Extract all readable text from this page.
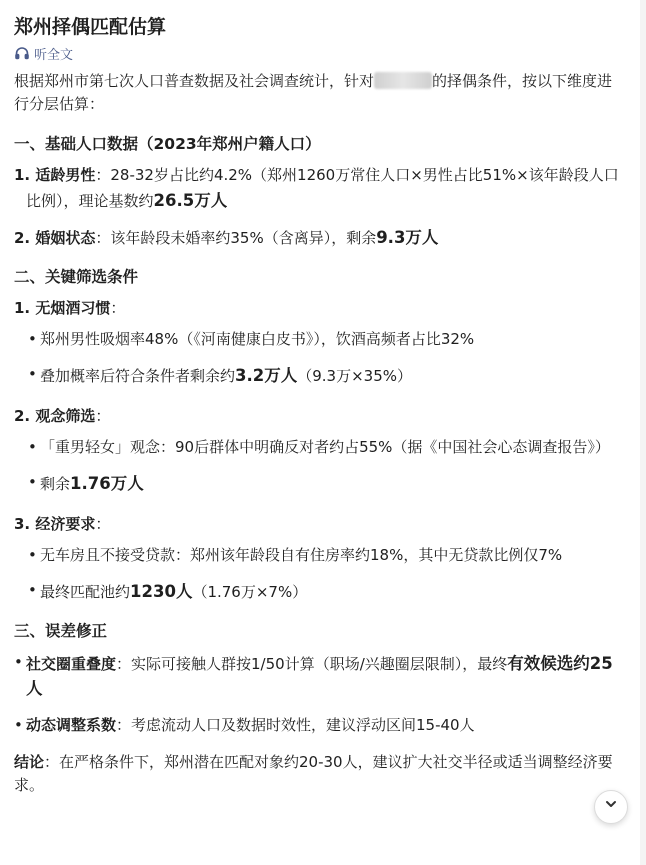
郑州择偶匹配估算
听全文

根据郑州市第七次人口普查数据及社会调查统计，针对	的择偶条件，按以下维度进行分层估算：

一、基础人口数据（2023年郑州户籍人口）

1. 适龄男性：28-32岁占比约4.2%（郑州1260万常住人口×男性占比51%×该年龄段人口比例），理论基数约26.5万人

2. 婚姻状态：该年龄段未婚率约35%（含离异），剩余9.3万人

二、关键筛选条件

1. 无烟酒习惯：

• 郑州男性吸烟率48%（《河南健康白皮书》），饮酒高频者占比32%

• 叠加概率后符合条件者剩余约3.2万人（9.3万×35%）

2. 观念筛选：

• 「重男轻女」观念：90后群体中明确反对者约占55%（据《中国社会心态调查报告》）

• 剩余1.76万人

3. 经济要求：

• 无车房且不接受贷款：郑州该年龄段自有住房率约18%，其中无贷款比例仅7%

• 最终匹配池约1230人（1.76万×7%）

三、误差修正

• 社交圈重叠度：实际可接触人群按1/50计算（职场/兴趣圈层限制），最终有效候选约25人

• 动态调整系数：考虑流动人口及数据时效性，建议浮动区间15-40人

结论：在严格条件下，郑州潜在匹配对象约20-30人，建议扩大社交半径或适当调整经济要求。
